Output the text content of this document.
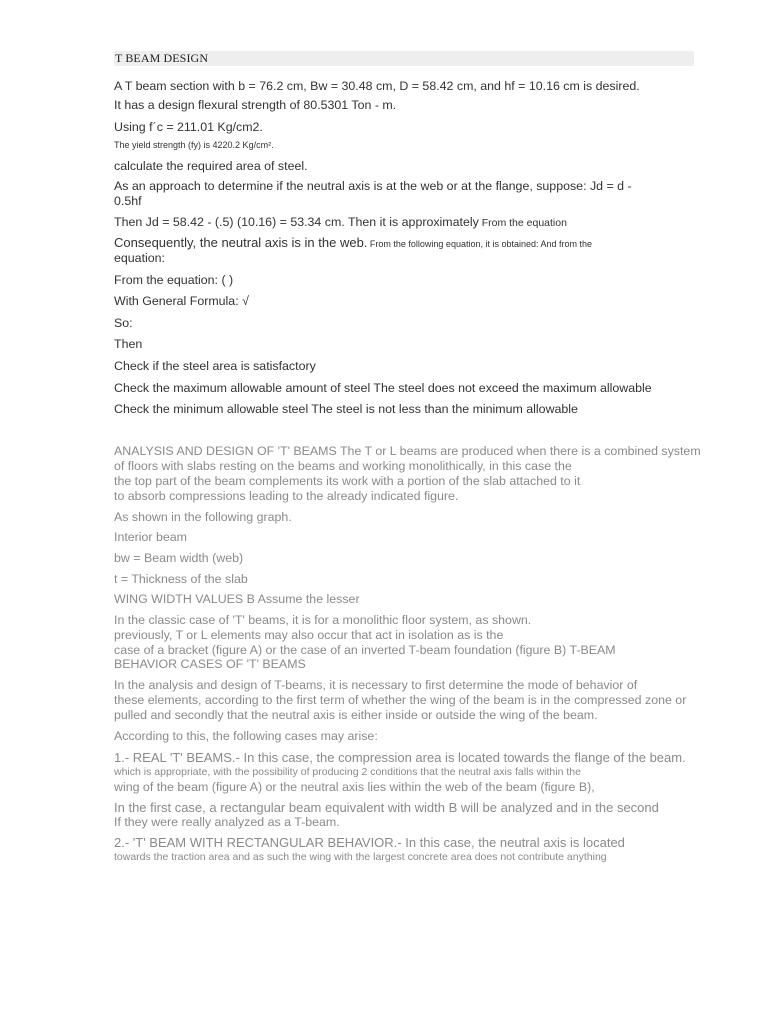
T BEAM DESIGN
A T beam section with b = 76.2 cm, Bw = 30.48 cm, D = 58.42 cm, and hf = 10.16 cm is desired.
It has a design flexural strength of 80.5301 Ton - m.
Using f´c = 211.01 Kg/cm2.
The yield strength (fy) is 4220.2 Kg/cm².
calculate the required area of steel.
As an approach to determine if the neutral axis is at the web or at the flange, suppose: Jd = d -
0.5hf
Then Jd = 58.42 - (.5) (10.16) = 53.34 cm. Then it is approximately From the equation
Consequently, the neutral axis is in the web. From the following equation, it is obtained: And from the
equation:
From the equation: ( )
With General Formula: √
So:
Then
Check if the steel area is satisfactory
Check the maximum allowable amount of steel The steel does not exceed the maximum allowable
Check the minimum allowable steel The steel is not less than the minimum allowable
ANALYSIS AND DESIGN OF 'T' BEAMS The T or L beams are produced when there is a combined system
of floors with slabs resting on the beams and working monolithically, in this case the
the top part of the beam complements its work with a portion of the slab attached to it
to absorb compressions leading to the already indicated figure.
As shown in the following graph.
Interior beam
bw = Beam width (web)
t = Thickness of the slab
WING WIDTH VALUES B Assume the lesser
In the classic case of 'T' beams, it is for a monolithic floor system, as shown.
previously, T or L elements may also occur that act in isolation as is the
case of a bracket (figure A) or the case of an inverted T-beam foundation (figure B) T-BEAM
BEHAVIOR CASES OF 'T' BEAMS
In the analysis and design of T-beams, it is necessary to first determine the mode of behavior of
these elements, according to the first term of whether the wing of the beam is in the compressed zone or
pulled and secondly that the neutral axis is either inside or outside the wing of the beam.
According to this, the following cases may arise:
1.- REAL 'T' BEAMS.- In this case, the compression area is located towards the flange of the beam.
which is appropriate, with the possibility of producing 2 conditions that the neutral axis falls within the
wing of the beam (figure A) or the neutral axis lies within the web of the beam (figure B),
In the first case, a rectangular beam equivalent with width B will be analyzed and in the second
If they were really analyzed as a T-beam.
2.- 'T' BEAM WITH RECTANGULAR BEHAVIOR.- In this case, the neutral axis is located
towards the traction area and as such the wing with the largest concrete area does not contribute anything
